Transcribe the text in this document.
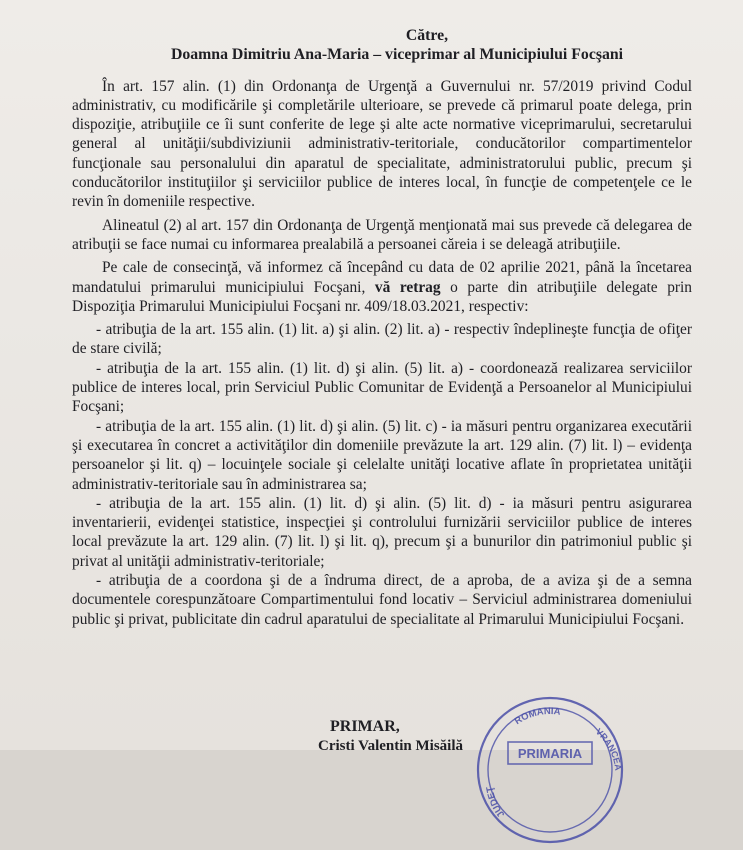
Către,

Doamna Dimitriu Ana-Maria – viceprimar al Municipiului Focşani

În art. 157 alin. (1) din Ordonanţa de Urgenţă a Guvernului nr. 57/2019 privind Codul administrativ, cu modificările şi completările ulterioare, se prevede că primarul poate delega, prin dispoziţie, atribuţiile ce îi sunt conferite de lege şi alte acte normative viceprimarului, secretarului general al unităţii/subdiviziunii administrativ-teritoriale, conducătorilor compartimentelor funcţionale sau personalului din aparatul de specialitate, administratorului public, precum şi conducătorilor instituţiilor şi serviciilor publice de interes local, în funcţie de competenţele ce le revin în domeniile respective.

Alineatul (2) al art. 157 din Ordonanţa de Urgenţă menţionată mai sus prevede că delegarea de atribuţii se face numai cu informarea prealabilă a persoanei căreia i se deleagă atribuţiile.

Pe cale de consecinţă, vă informez că începând cu data de 02 aprilie 2021, până la încetarea mandatului primarului municipiului Focşani, vă retrag o parte din atribuţiile delegate prin Dispoziţia Primarului Municipiului Focşani nr. 409/18.03.2021, respectiv:

- atribuţia de la art. 155 alin. (1) lit. a) şi alin. (2) lit. a) - respectiv îndeplineşte funcţia de ofiţer de stare civilă;

- atribuţia de la art. 155 alin. (1) lit. d) şi alin. (5) lit. a) - coordonează realizarea serviciilor publice de interes local, prin Serviciul Public Comunitar de Evidenţă a Persoanelor al Municipiului Focşani;

- atribuţia de la art. 155 alin. (1) lit. d) şi alin. (5) lit. c) - ia măsuri pentru organizarea executării şi executarea în concret a activităţilor din domeniile prevăzute la art. 129 alin. (7) lit. l) – evidenţa persoanelor şi lit. q) – locuinţele sociale şi celelalte unităţi locative aflate în proprietatea unităţii administrativ-teritoriale sau în administrarea sa;

- atribuţia de la art. 155 alin. (1) lit. d) şi alin. (5) lit. d) - ia măsuri pentru asigurarea inventarierii, evidenţei statistice, inspecţiei şi controlului furnizării serviciilor publice de interes local prevăzute la art. 129 alin. (7) lit. l) şi lit. q), precum şi a bunurilor din patrimoniul public şi privat al unităţii administrativ-teritoriale;

- atribuţia de a coordona şi de a îndruma direct, de a aproba, de a aviza şi de a semna documentele corespunzătoare Compartimentului fond locativ – Serviciul administrarea domeniului public şi privat, publicitate din cadrul aparatului de specialitate al Primarului Municipiului Focşani.

PRIMAR,
Cristi Valentin Misăilă
ROMANIA
JUDEŢ
VRANCEA
PRIMARIA
